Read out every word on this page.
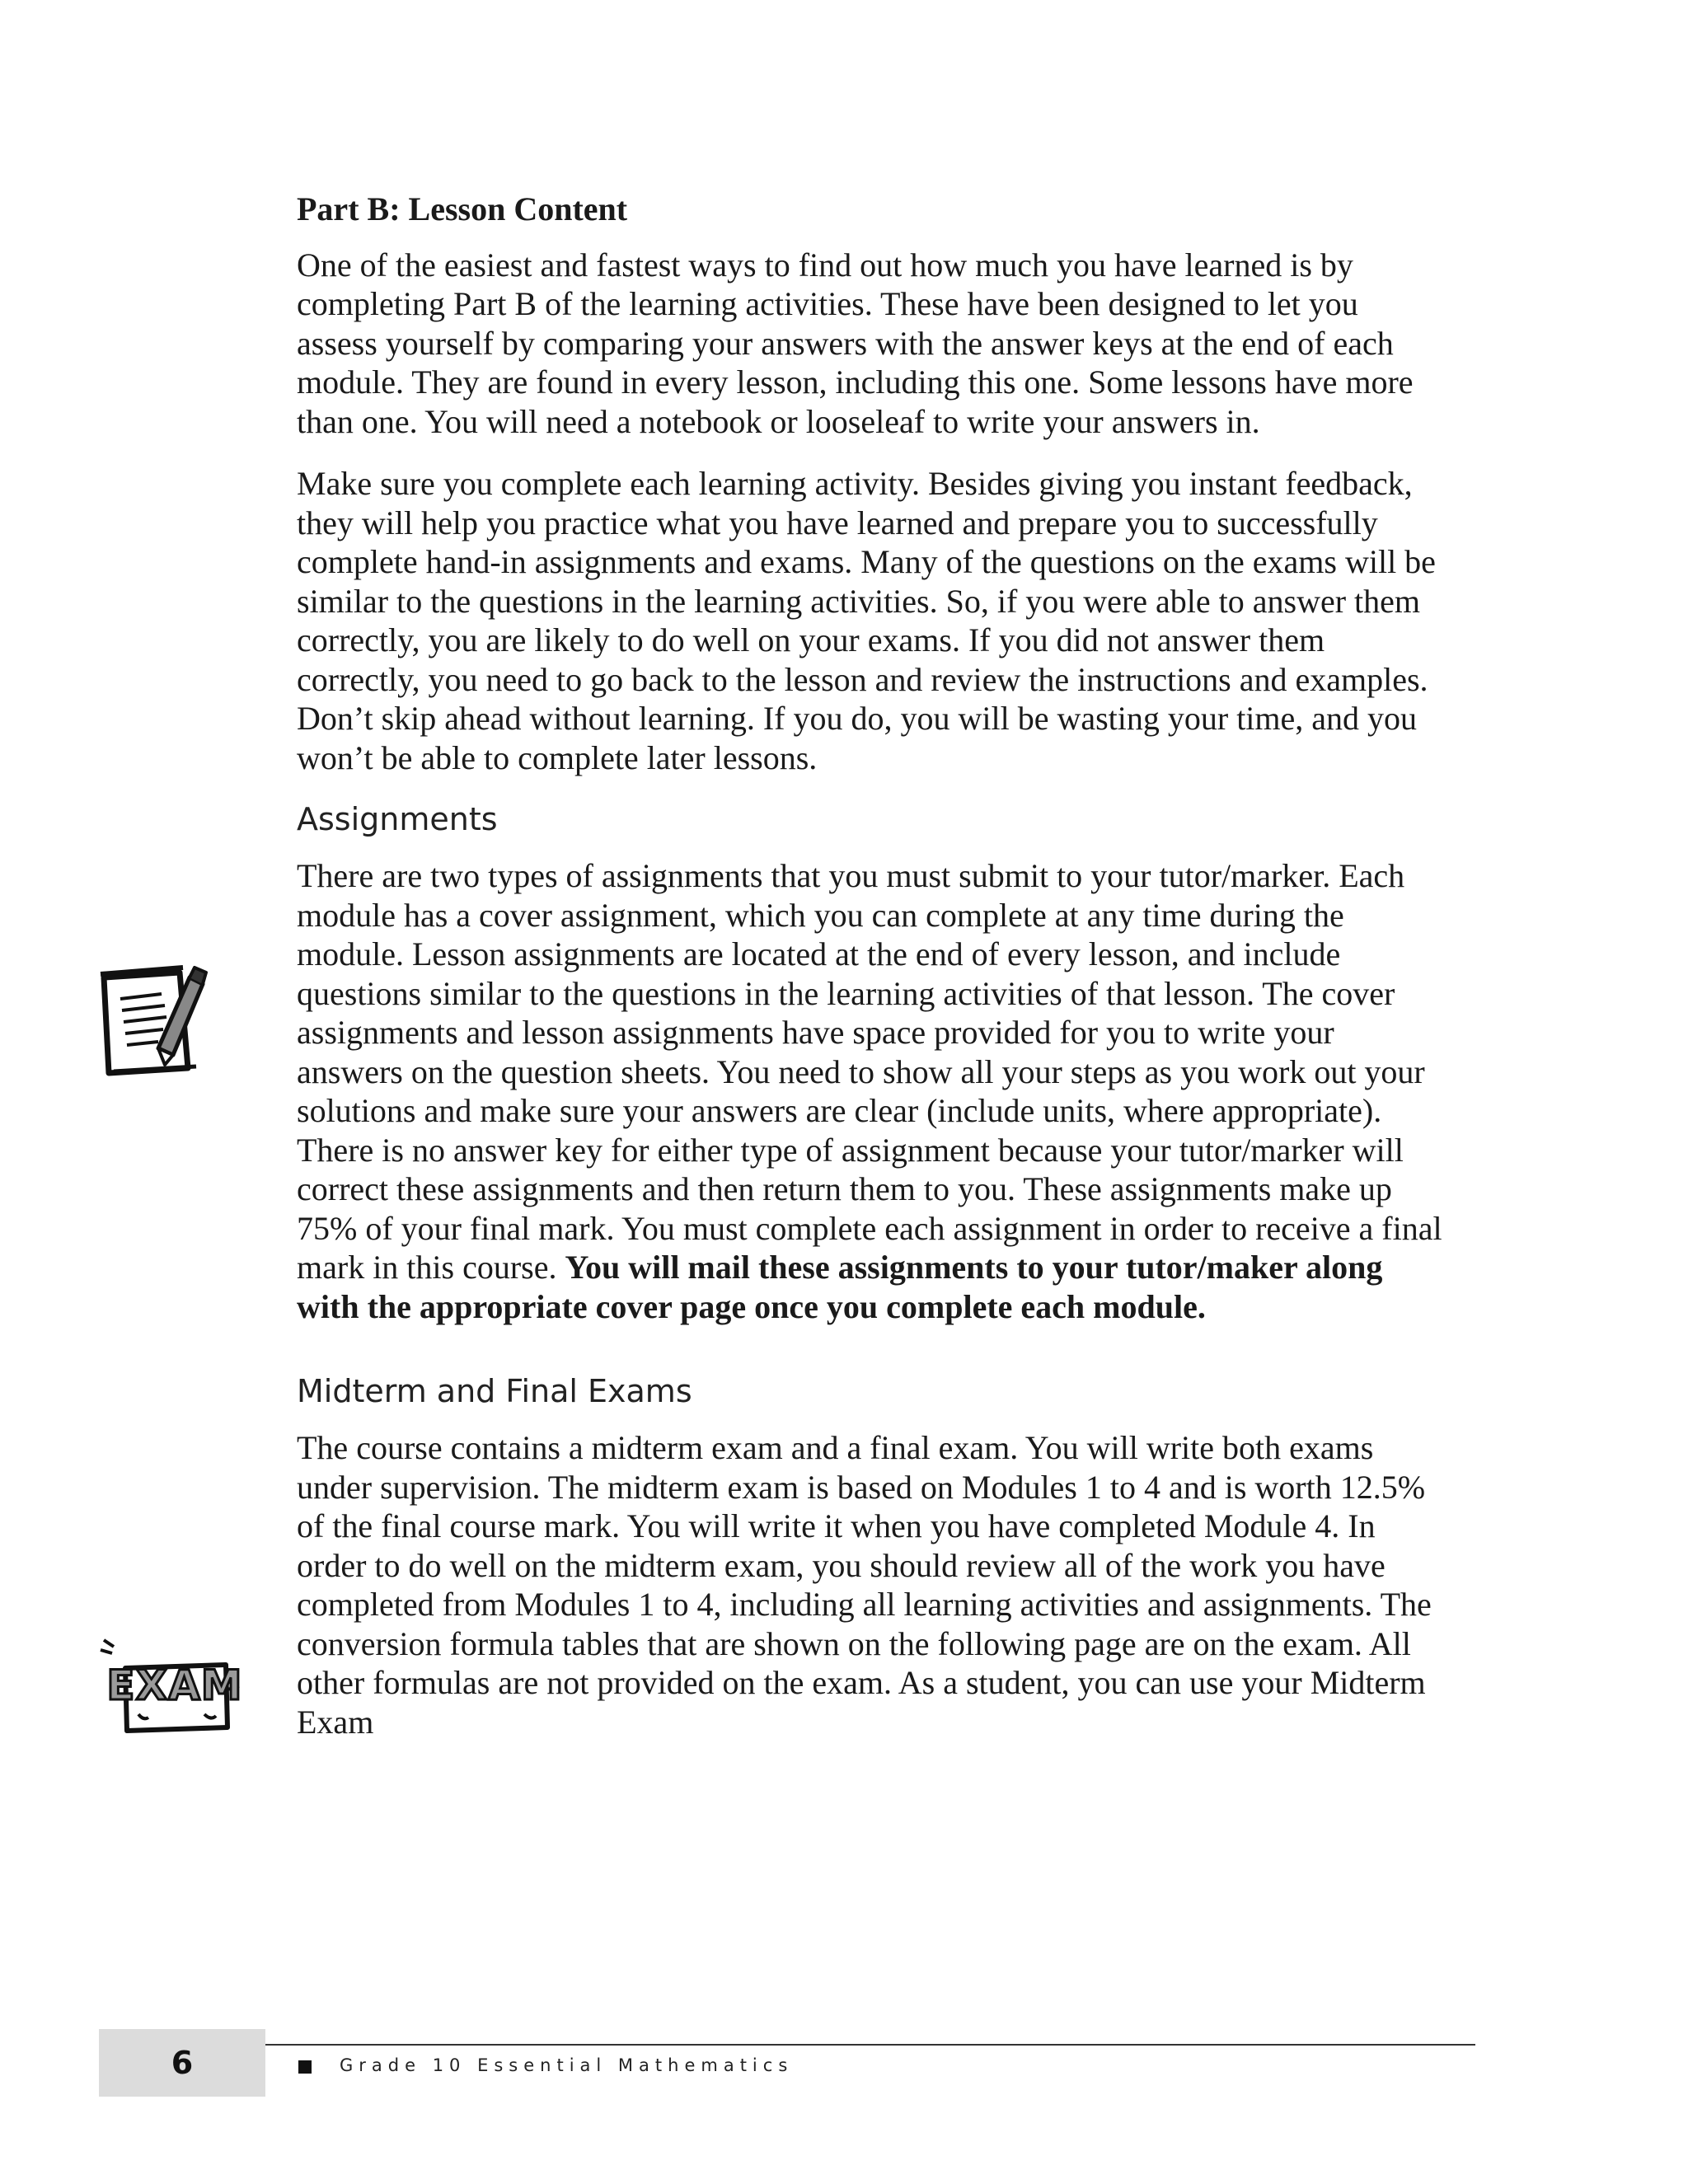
EXAM
Part B: Lesson Content

One of the easiest and fastest ways to find out how much you have learned is by completing Part B of the learning activities. These have been designed to let you assess yourself by comparing your answers with the answer keys at the end of each module. They are found in every lesson, including this one. Some lessons have more than one. You will need a notebook or looseleaf to write your answers in.

Make sure you complete each learning activity. Besides giving you instant feedback, they will help you practice what you have learned and prepare you to successfully complete hand-in assignments and exams. Many of the questions on the exams will be similar to the questions in the learning activities. So, if you were able to answer them correctly, you are likely to do well on your exams. If you did not answer them correctly, you need to go back to the lesson and review the instructions and examples. Don’t skip ahead without learning. If you do, you will be wasting your time, and you won’t be able to complete later lessons.

Assignments

There are two types of assignments that you must submit to your tutor/marker. Each module has a cover assignment, which you can complete at any time during the module. Lesson assignments are located at the end of every lesson, and include questions similar to the questions in the learning activities of that lesson. The cover assignments and lesson assignments have space provided for you to write your answers on the question sheets. You need to show all your steps as you work out your solutions and make sure your answers are clear (include units, where appropriate). There is no answer key for either type of assignment because your tutor/marker will correct these assignments and then return them to you. These assignments make up 75% of your final mark. You must complete each assignment in order to receive a final mark in this course. You will mail these assignments to your tutor/maker along with the appropriate cover page once you complete each module.

Midterm and Final Exams

The course contains a midterm exam and a final exam. You will write both exams under supervision. The midterm exam is based on Modules 1 to 4 and is worth 12.5% of the final course mark. You will write it when you have completed Module 4. In order to do well on the midterm exam, you should review all of the work you have completed from Modules 1 to 4, including all learning activities and assignments. The conversion formula tables that are shown on the following page are on the exam. All other formulas are not provided on the exam. As a student, you can use your Midterm Exam

6	Grade 10 Essential Mathematics
